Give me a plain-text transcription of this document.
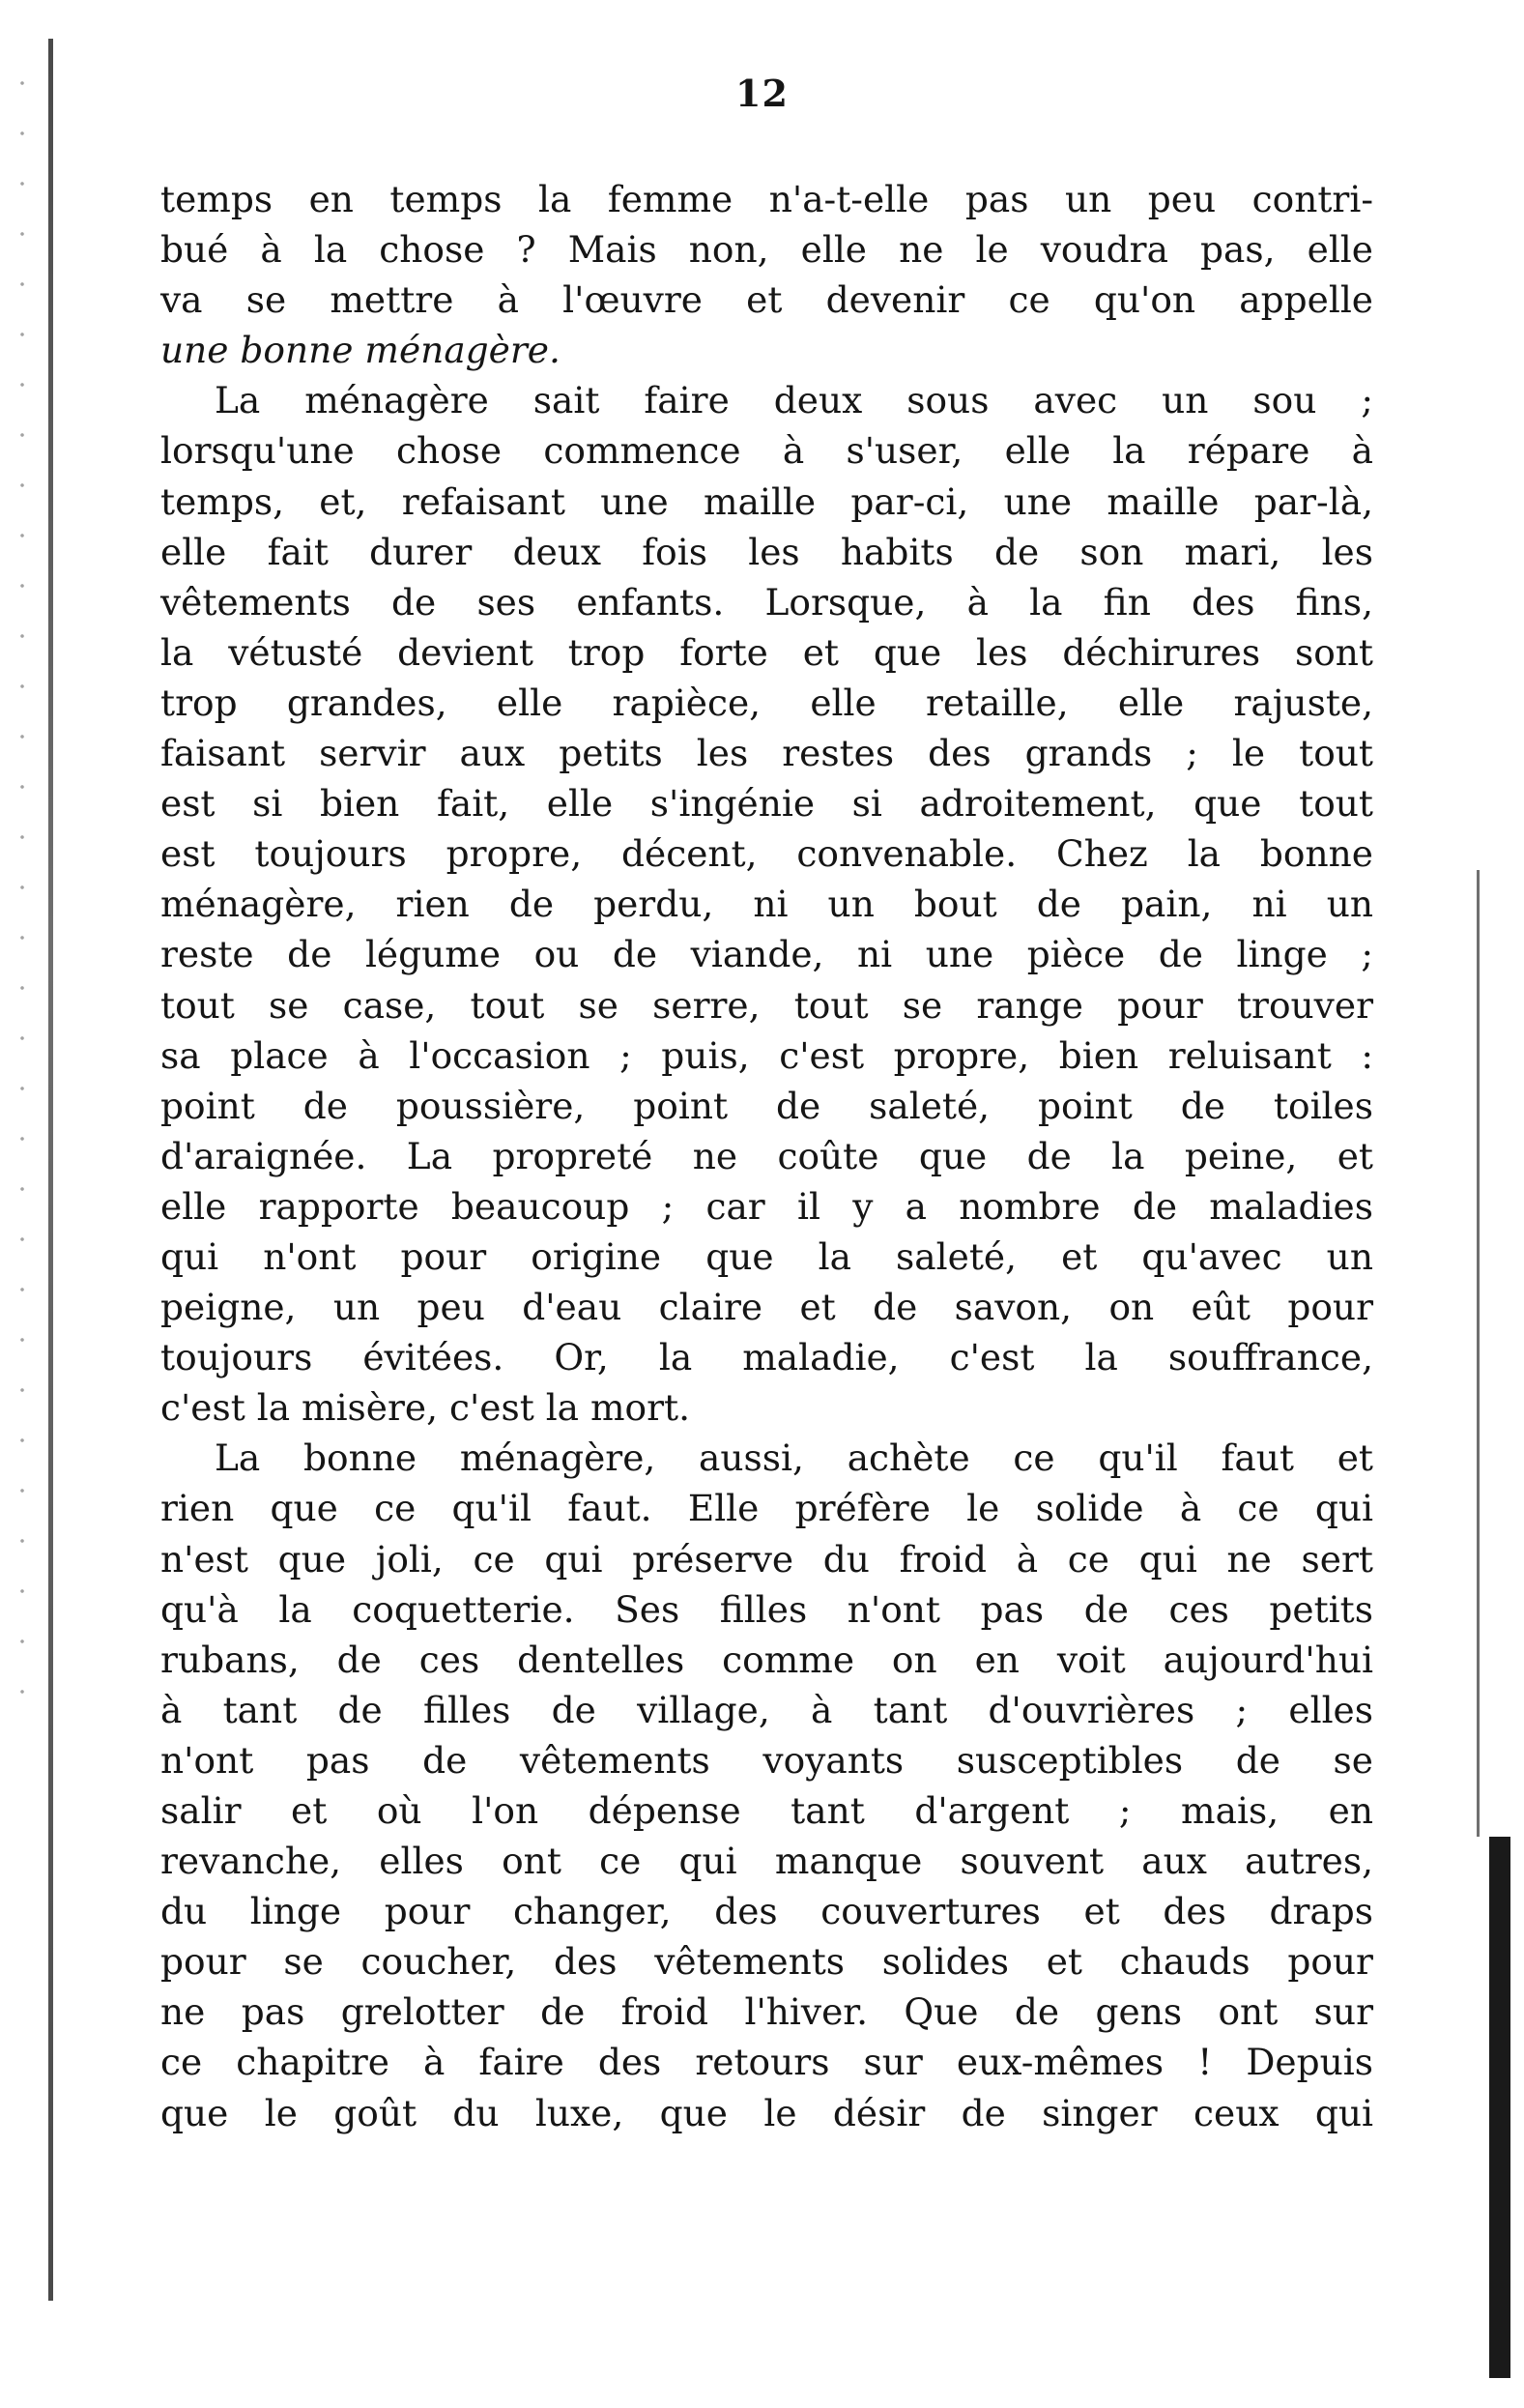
12
temps en temps la femme n'a-t-elle pas un peu contri-
bué à la chose ? Mais non, elle ne le voudra pas, elle
va se mettre à l'œuvre et devenir ce qu'on appelle
une bonne ménagère.
La ménagère sait faire deux sous avec un sou ;
lorsqu'une chose commence à s'user, elle la répare à
temps, et, refaisant une maille par-ci, une maille par-là,
elle fait durer deux fois les habits de son mari, les
vêtements de ses enfants. Lorsque, à la fin des fins,
la vétusté devient trop forte et que les déchirures sont
trop grandes, elle rapièce, elle retaille, elle rajuste,
faisant servir aux petits les restes des grands ; le tout
est si bien fait, elle s'ingénie si adroitement, que tout
est toujours propre, décent, convenable. Chez la bonne
ménagère, rien de perdu, ni un bout de pain, ni un
reste de légume ou de viande, ni une pièce de linge ;
tout se case, tout se serre, tout se range pour trouver
sa place à l'occasion ; puis, c'est propre, bien reluisant :
point de poussière, point de saleté, point de toiles
d'araignée. La propreté ne coûte que de la peine, et
elle rapporte beaucoup ; car il y a nombre de maladies
qui n'ont pour origine que la saleté, et qu'avec un
peigne, un peu d'eau claire et de savon, on eût pour
toujours évitées. Or, la maladie, c'est la souffrance,
c'est la misère, c'est la mort.
La bonne ménagère, aussi, achète ce qu'il faut et
rien que ce qu'il faut. Elle préfère le solide à ce qui
n'est que joli, ce qui préserve du froid à ce qui ne sert
qu'à la coquetterie. Ses filles n'ont pas de ces petits
rubans, de ces dentelles comme on en voit aujourd'hui
à tant de filles de village, à tant d'ouvrières ; elles
n'ont pas de vêtements voyants susceptibles de se
salir et où l'on dépense tant d'argent ; mais, en
revanche, elles ont ce qui manque souvent aux autres,
du linge pour changer, des couvertures et des draps
pour se coucher, des vêtements solides et chauds pour
ne pas grelotter de froid l'hiver. Que de gens ont sur
ce chapitre à faire des retours sur eux-mêmes ! Depuis
que le goût du luxe, que le désir de singer ceux qui
